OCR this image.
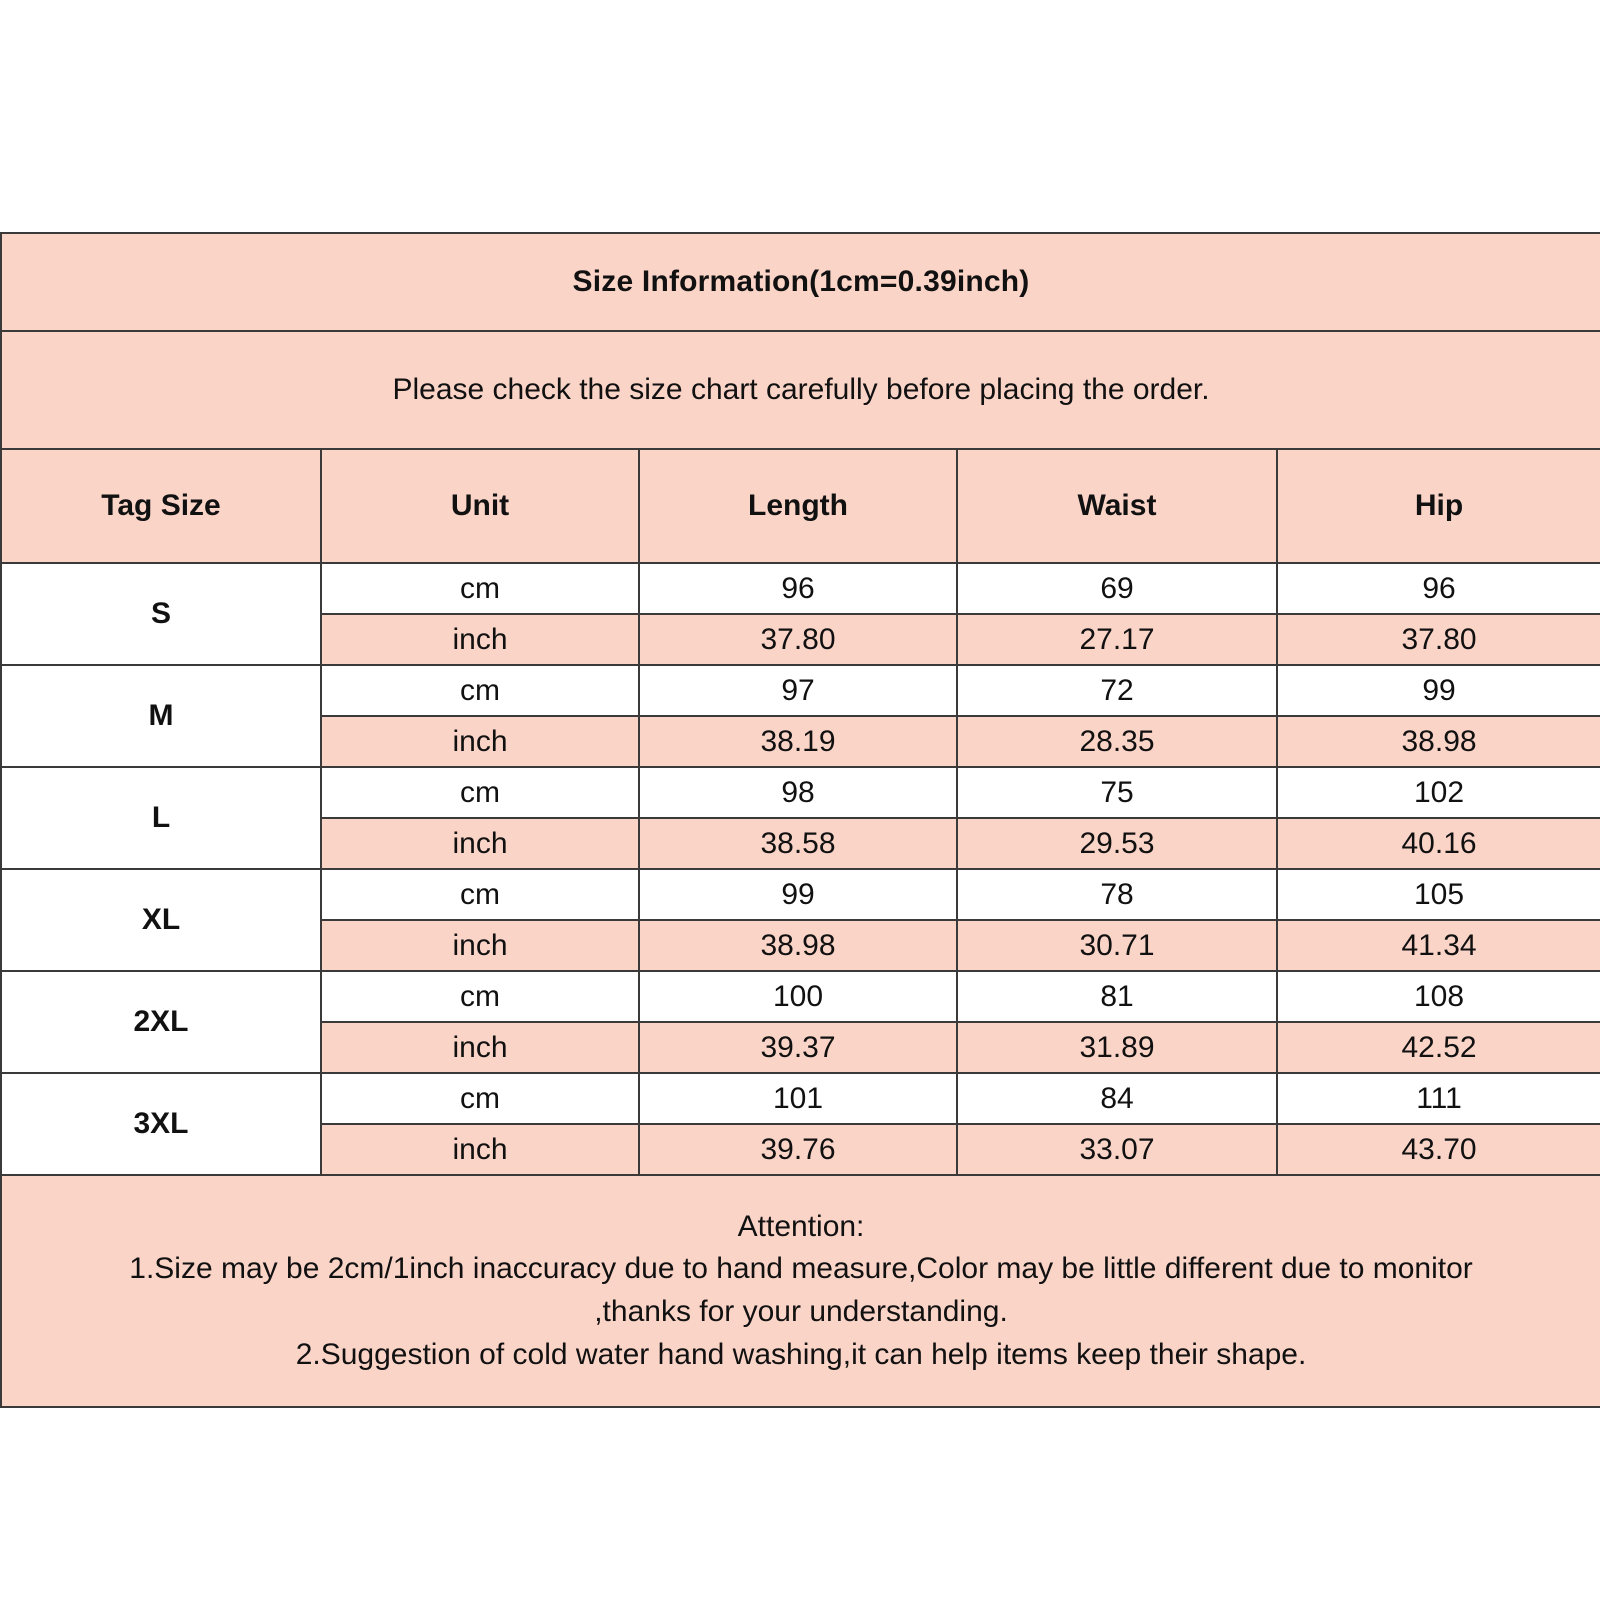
Size Information(1cm=0.39inch)				
Please check the size chart carefully before placing the order.				
Tag Size	Unit	Length	Waist	Hip
S	cm	96	69	96
	inch	37.80	27.17	37.80
M	cm	97	72	99
	inch	38.19	28.35	38.98
L	cm	98	75	102
	inch	38.58	29.53	40.16
XL	cm	99	78	105
	inch	38.98	30.71	41.34
2XL	cm	100	81	108
	inch	39.37	31.89	42.52
3XL	cm	101	84	111
	inch	39.76	33.07	43.70

Attention:
1.Size may be 2cm/1inch inaccuracy due to hand measure,Color may be little different due to monitor
,thanks for your understanding.
2.Suggestion of cold water hand washing,it can help items keep their shape.				
